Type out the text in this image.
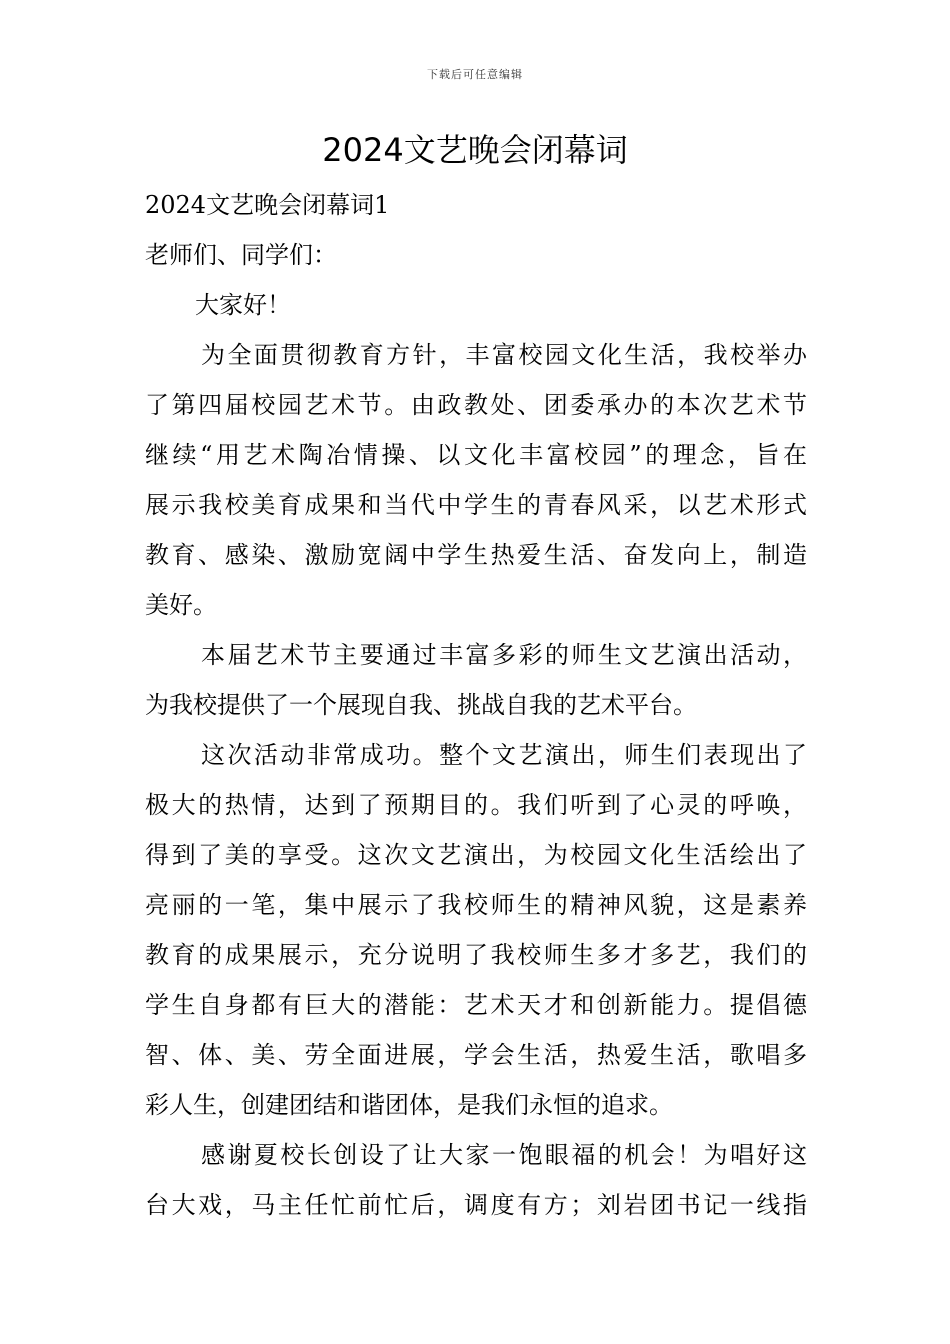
下载后可任意编辑
2024文艺晚会闭幕词
2024文艺晚会闭幕词1
老师们、同学们：
大家好！
为全面贯彻教育方针，丰富校园文化生活，我校举办
了第四届校园艺术节。由政教处、团委承办的本次艺术节
继续“用艺术陶冶情操、以文化丰富校园”的理念，旨在
展示我校美育成果和当代中学生的青春风采，以艺术形式
教育、感染、激励宽阔中学生热爱生活、奋发向上，制造
美好。
本届艺术节主要通过丰富多彩的师生文艺演出活动，
为我校提供了一个展现自我、挑战自我的艺术平台。
这次活动非常成功。整个文艺演出，师生们表现出了
极大的热情，达到了预期目的。我们听到了心灵的呼唤，
得到了美的享受。这次文艺演出，为校园文化生活绘出了
亮丽的一笔，集中展示了我校师生的精神风貌，这是素养
教育的成果展示，充分说明了我校师生多才多艺，我们的
学生自身都有巨大的潜能：艺术天才和创新能力。提倡德
智、体、美、劳全面进展，学会生活，热爱生活，歌唱多
彩人生，创建团结和谐团体，是我们永恒的追求。
感谢夏校长创设了让大家一饱眼福的机会！为唱好这
台大戏，马主任忙前忙后，调度有方；刘岩团书记一线指
